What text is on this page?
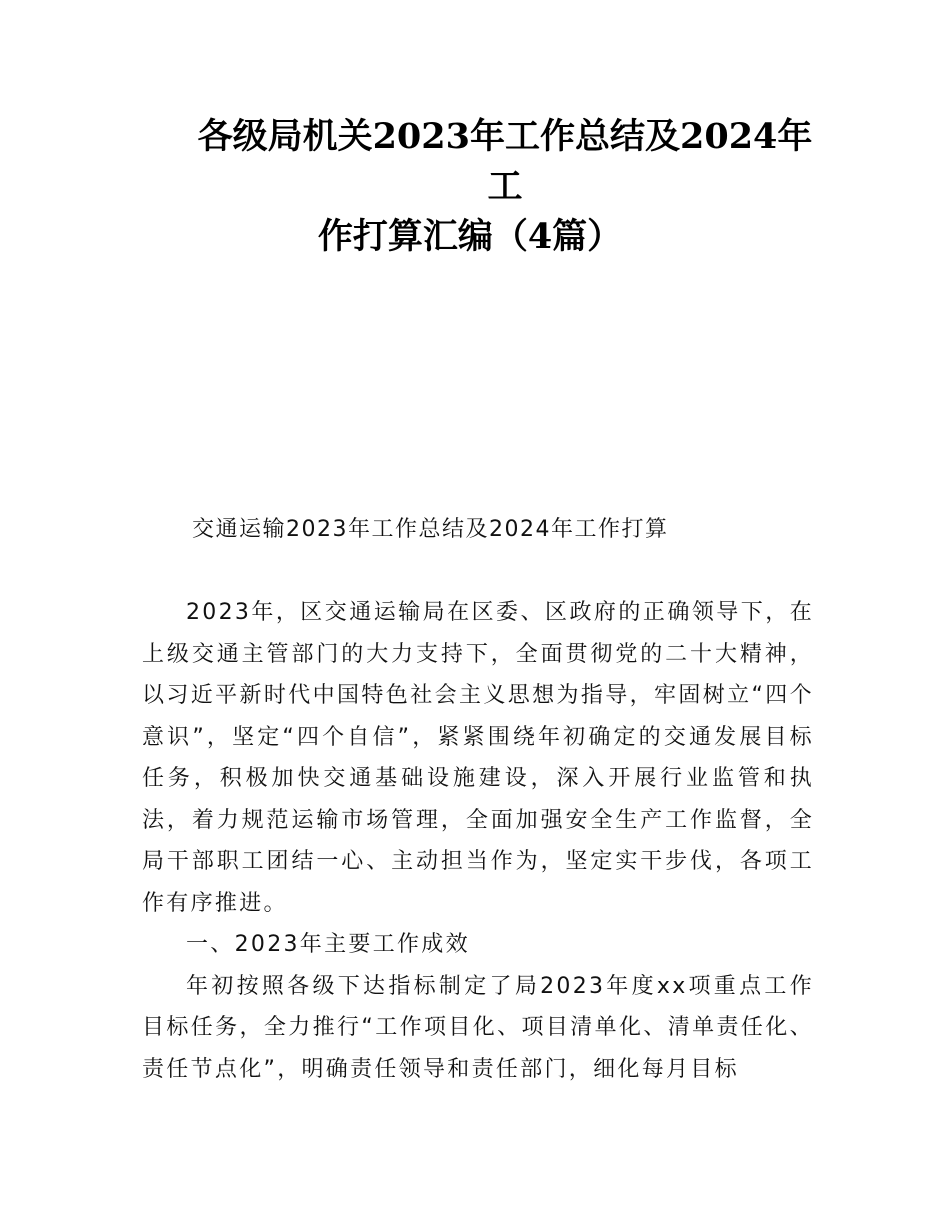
各级局机关2023年工作总结及2024年工
作打算汇编（4篇）
交通运输2023年工作总结及2024年工作打算

2023年，区交通运输局在区委、区政府的正确领导下，在上级交通主管部门的大力支持下，全面贯彻党的二十大精神，以习近平新时代中国特色社会主义思想为指导，牢固树立“四个意识”，坚定“四个自信”，紧紧围绕年初确定的交通发展目标任务，积极加快交通基础设施建设，深入开展行业监管和执法，着力规范运输市场管理，全面加强安全生产工作监督，全局干部职工团结一心、主动担当作为，坚定实干步伐，各项工作有序推进。

一、2023年主要工作成效

年初按照各级下达指标制定了局2023年度xx项重点工作目标任务，全力推行“工作项目化、项目清单化、清单责任化、责任节点化”，明确责任领导和责任部门，细化每月目标
